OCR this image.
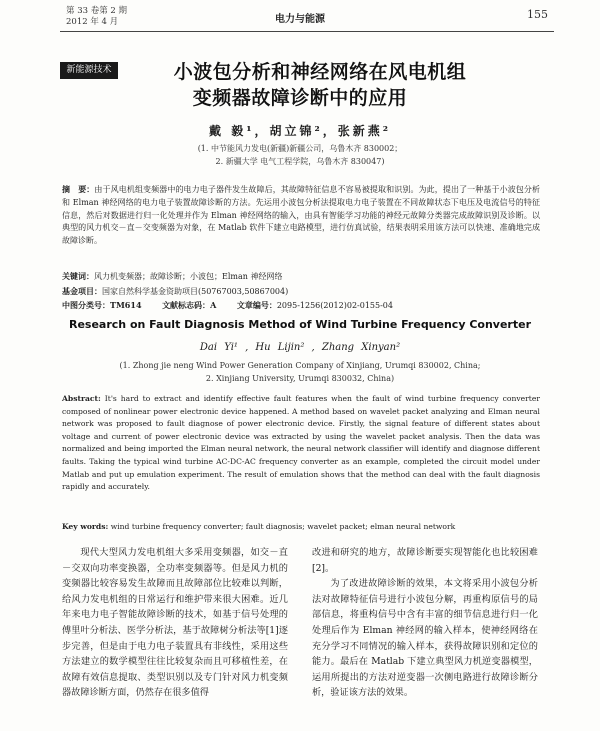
第 33 卷第 2 期
2012 年 4 月	电力与能源	155
新能源技术	小波包分析和神经网络在风电机组
变频器故障诊断中的应用
戴 毅¹，胡立锦²，张新燕²
(1. 中节能风力发电(新疆)新疆公司，乌鲁木齐 830002；
2. 新疆大学 电气工程学院，乌鲁木齐 830047)
摘　要：由于风电机组变频器中的电力电子器件发生故障后，其故障特征信息不容易被提取和识别。为此，提出了一种基于小波包分析和 Elman 神经网络的电力电子装置故障诊断的方法。先运用小波包分析法提取电力电子装置在不同故障状态下电压及电流信号的特征信息，然后对数据进行归一化处理并作为 Elman 神经网络的输入，由具有智能学习功能的神经元故障分类器完成故障识别及诊断。以典型的风力机交－直－交变频器为对象，在 Matlab 软件下建立电路模型，进行仿真试验，结果表明采用该方法可以快速、准确地完成故障诊断。
关键词：风力机变频器；故障诊断；小波包；Elman 神经网络
基金项目：国家自然科学基金资助项目(50767003,50867004)
中图分类号：TM614	文献标志码：A	文章编号：2095-1256(2012)02-0155-04
Research on Fault Diagnosis Method of Wind Turbine Frequency Converter
Dai Yi¹ , Hu Lijin² , Zhang Xinyan²
(1. Zhong jie neng Wind Power Generation Company of Xinjiang, Urumqi 830002, China;
2. Xinjiang University, Urumqi 830032, China)
Abstract: It's hard to extract and identify effective fault features when the fault of wind turbine frequency converter composed of nonlinear power electronic device happened. A method based on wavelet packet analyzing and Elman neural network was proposed to fault diagnose of power electronic device. Firstly, the signal feature of different states about voltage and current of power electronic device was extracted by using the wavelet packet analysis. Then the data was normalized and being imported the Elman neural network, the neural network classifier will identify and diagnose different faults. Taking the typical wind turbine AC-DC-AC frequency converter as an example, completed the circuit model under Matlab and put up emulation experiment. The result of emulation shows that the method can deal with the fault diagnosis rapidly and accurately.
Key words: wind turbine frequency converter; fault diagnosis; wavelet packet; elman neural network

现代大型风力发电机组大多采用变频器，如交－直－交双向功率变换器，全功率变频器等。但是风力机的变频器比较容易发生故障而且故障部位比较难以判断，给风力发电机组的日常运行和维护带来很大困难。近几年来电力电子智能故障诊断的技术，如基于信号处理的傅里叶分析法、医学分析法，基于故障树分析法等[1]逐步完善，但是由于电力电子装置具有非线性，采用这些方法建立的数学模型往往比较复杂而且可移植性差，在故障有效信息提取、类型识别以及专门针对风力机变频器故障诊断方面，仍然存在很多值得

改进和研究的地方，故障诊断要实现智能化也比较困难[2]。

为了改进故障诊断的效果，本文将采用小波包分析法对故障特征信号进行小波包分解，再重构原信号的局部信息，将重构信号中含有丰富的细节信息进行归一化处理后作为 Elman 神经网的输入样本，使神经网络在充分学习不同情况的输入样本，获得故障识别和定位的能力。最后在 Matlab 下建立典型风力机逆变器模型，运用所提出的方法对逆变器一次侧电路进行故障诊断分析，验证该方法的效果。
